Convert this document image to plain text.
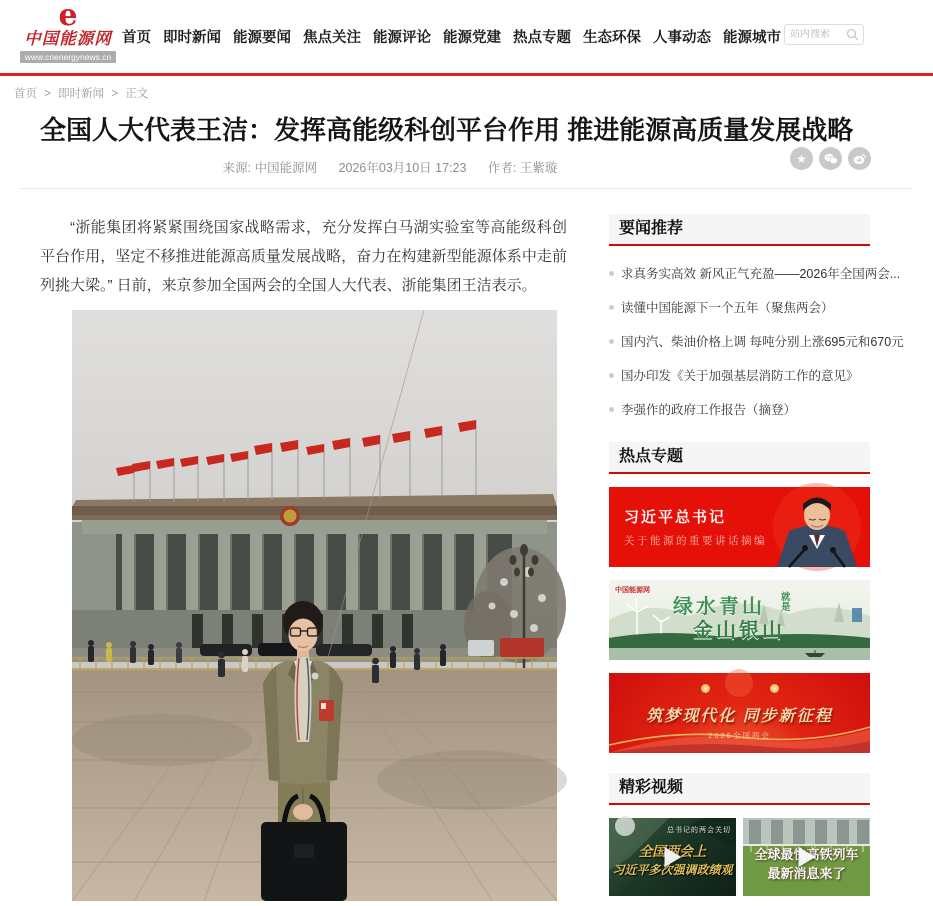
e
中国能源网
www.cnenergynews.cn
首页 即时新闻 能源要闻 焦点关注 能源评论 能源党建 热点专题 生态环保 人事动态 能源城市
站内搜索
首页 > 即时新闻 > 正文
全国人大代表王洁：发挥高能级科创平台作用 推进能源高质量发展战略
来源: 中国能源网 2026年03月10日 17:23 作者: 王紫璇
★

“浙能集团将紧紧围绕国家战略需求，充分发挥白马湖实验室等高能级科创平台作用，坚定不移推进能源高质量发展战略，奋力在构建新型能源体系中走前列挑大梁。” 日前，来京参加全国两会的全国人大代表、浙能集团王洁表示。

要闻推荐
求真务实高效 新风正气充盈——2026年全国两会...
读懂中国能源下一个五年（聚焦两会）
国内汽、柴油价格上调 每吨分别上涨695元和670元
国办印发《关于加强基层消防工作的意见》
李强作的政府工作报告（摘登）
热点专题
习近平总书记
关于能源的重要讲话摘编
中国能源网
绿水青山 就是
金山银山
筑梦现代化 同步新征程
2026全国两会
精彩视频
总书记的两会关切
全国两会上
习近平多次强调政绩观
全球最快高铁列车
最新消息来了
